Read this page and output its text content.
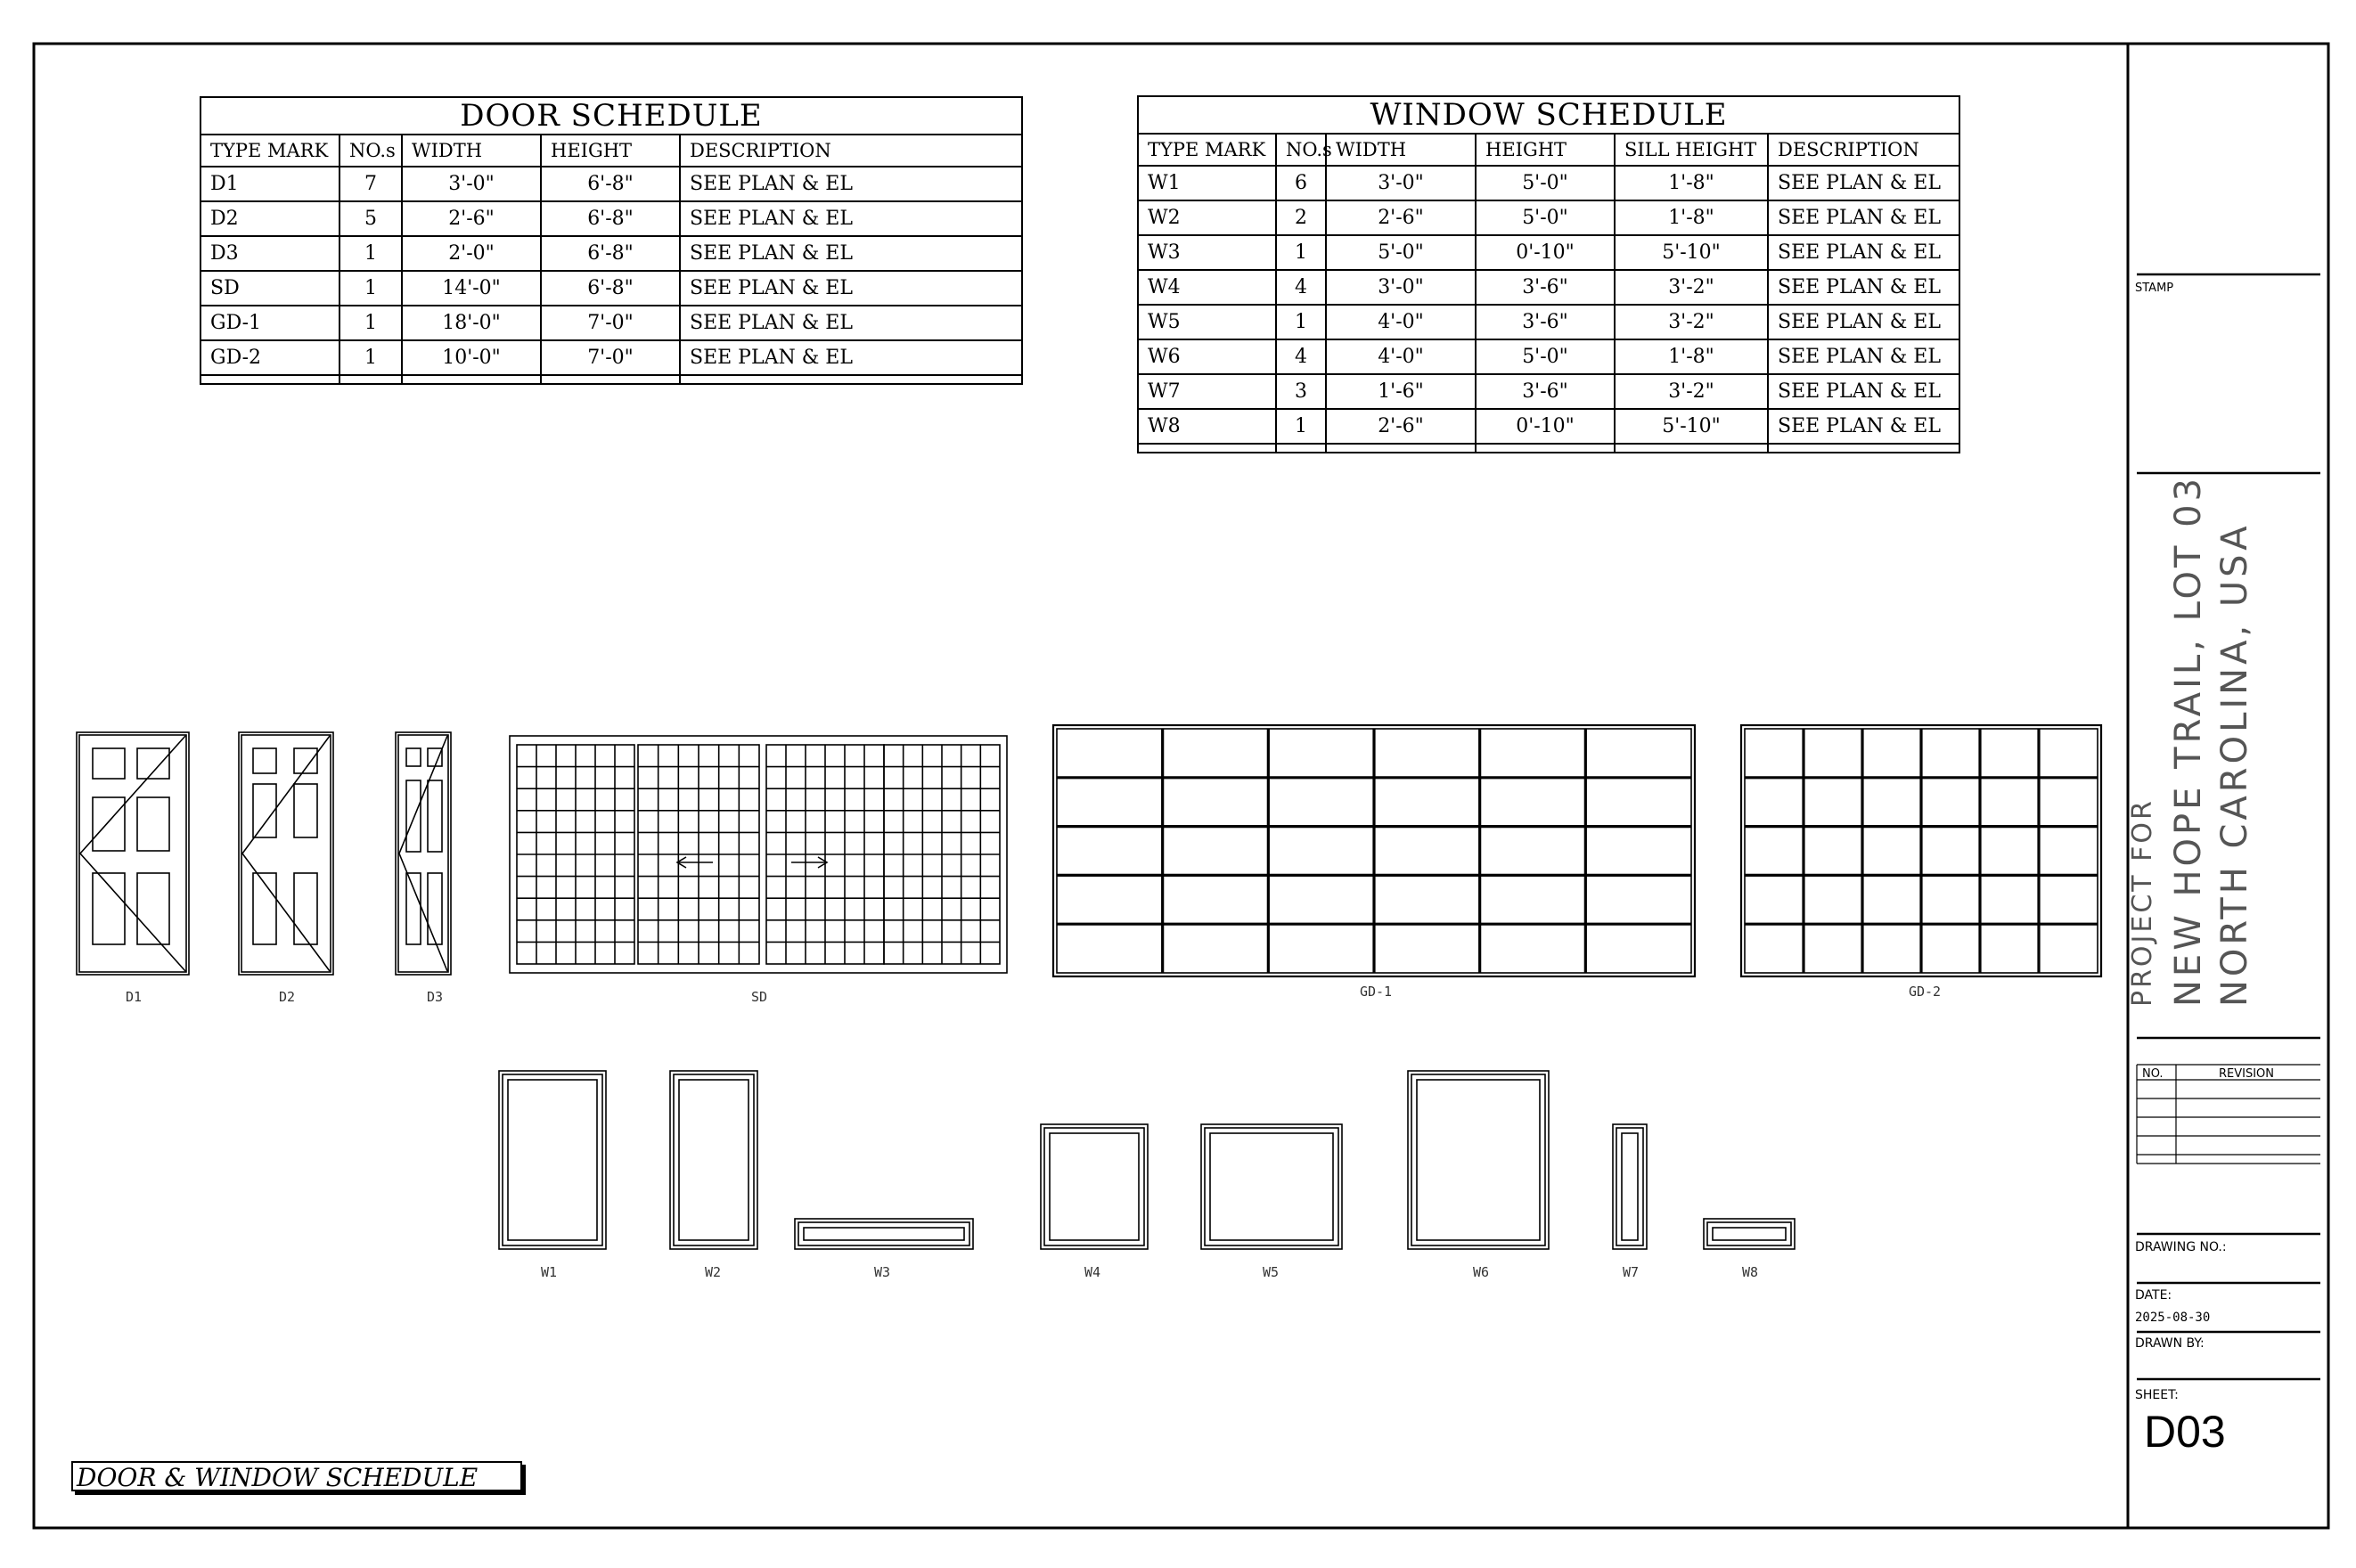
D1	D2	D3	SD	GD-1	GD-2
W1	W2	W3	W4	W5	W6	W7	W8
DOOR SCHEDULE				
TYPE MARK	NO.s	WIDTH	HEIGHT	DESCRIPTION
D1	7	3'-0"	6'-8"	SEE PLAN & EL
D2	5	2'-6"	6'-8"	SEE PLAN & EL
D3	1	2'-0"	6'-8"	SEE PLAN & EL
SD	1	14'-0"	6'-8"	SEE PLAN & EL
GD-1	1	18'-0"	7'-0"	SEE PLAN & EL
GD-2	1	10'-0"	7'-0"	SEE PLAN & EL

WINDOW SCHEDULE					
TYPE MARK	NO.s	WIDTH	HEIGHT	SILL HEIGHT	DESCRIPTION
W1	6	3'-0"	5'-0"	1'-8"	SEE PLAN & EL
W2	2	2'-6"	5'-0"	1'-8"	SEE PLAN & EL
W3	1	5'-0"	0'-10"	5'-10"	SEE PLAN & EL
W4	4	3'-0"	3'-6"	3'-2"	SEE PLAN & EL
W5	1	4'-0"	3'-6"	3'-2"	SEE PLAN & EL
W6	4	4'-0"	5'-0"	1'-8"	SEE PLAN & EL
W7	3	1'-6"	3'-6"	3'-2"	SEE PLAN & EL
W8	1	2'-6"	0'-10"	5'-10"	SEE PLAN & EL

STAMP
PROJECT FOR NEW HOPE TRAIL, LOT 03 NORTH CAROLINA, USA
NO.	REVISION
DRAWING NO.:
DATE:
2025-08-30
DRAWN BY:
SHEET:
D03
DOOR & WINDOW SCHEDULE
